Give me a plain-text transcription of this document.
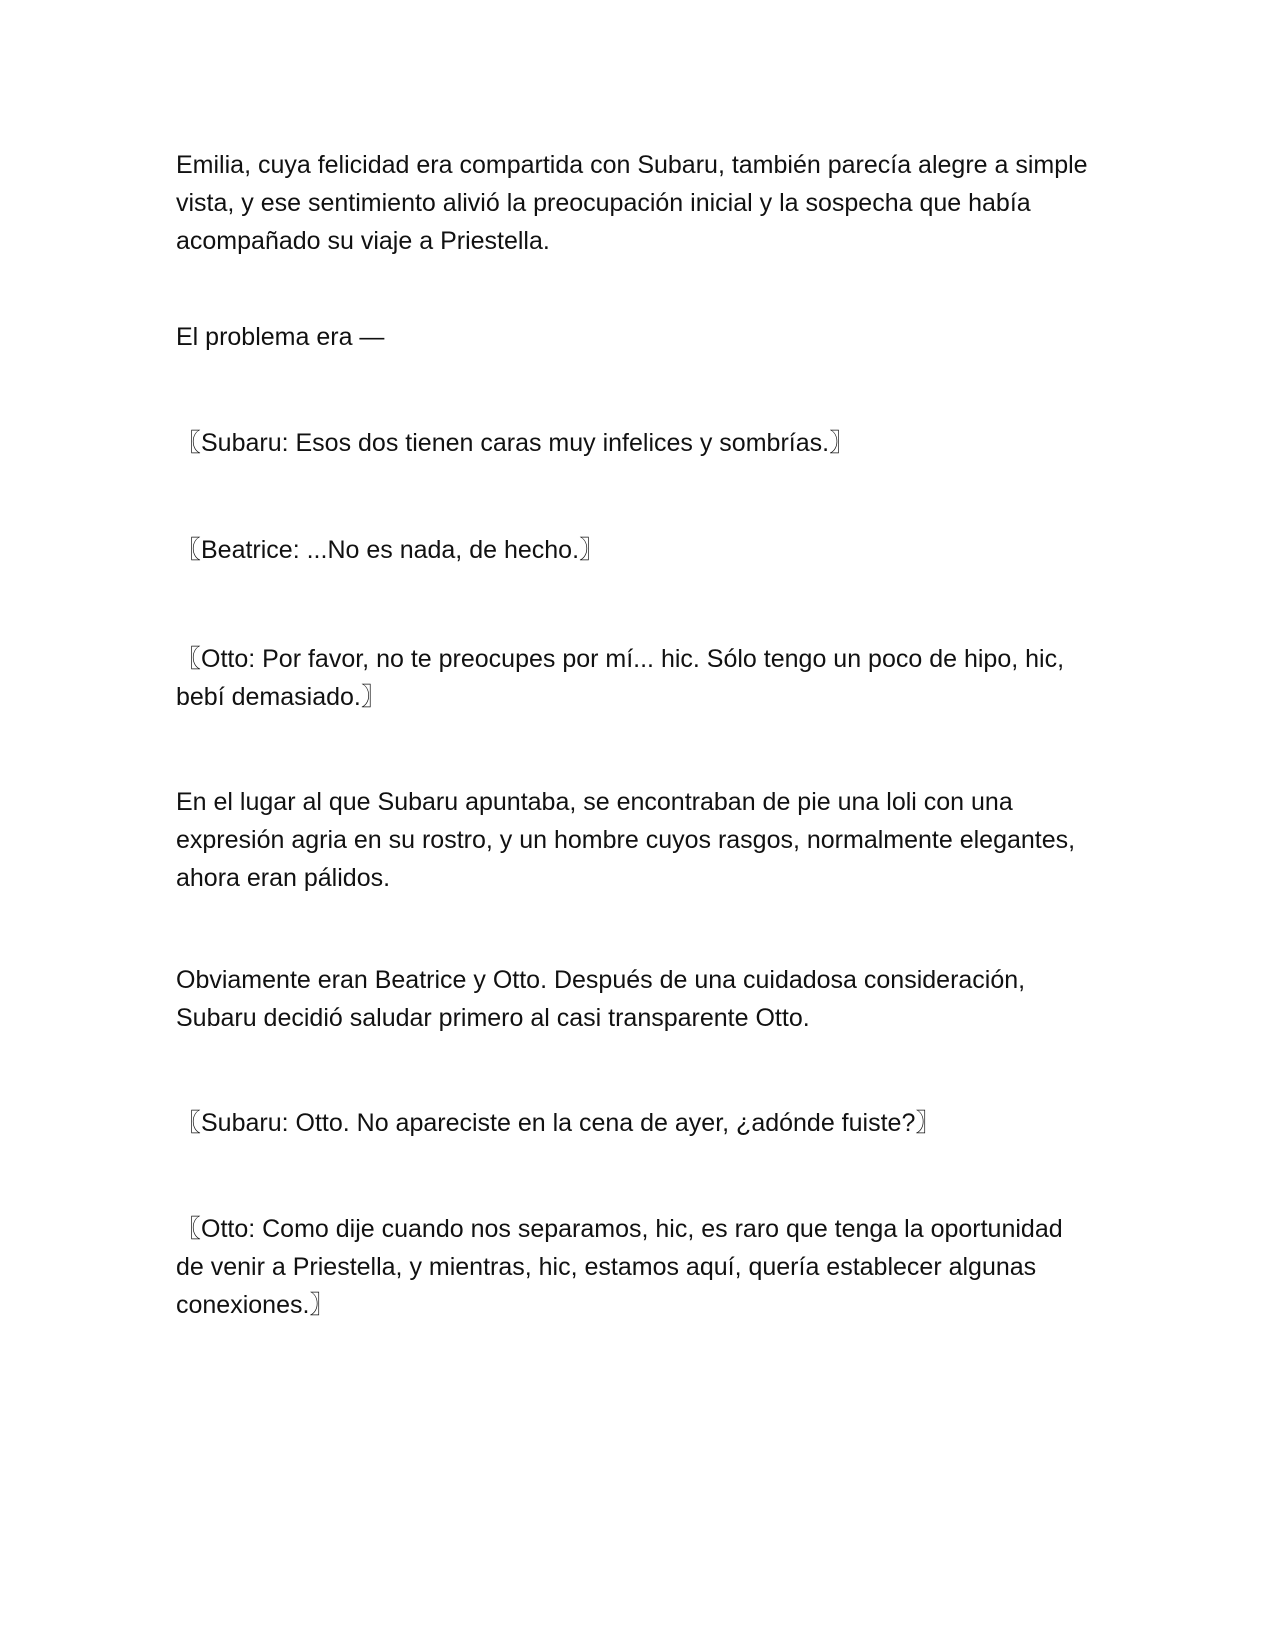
Emilia, cuya felicidad era compartida con Subaru, también parecía alegre a simple vista, y ese sentimiento alivió la preocupación inicial y la sospecha que había acompañado su viaje a Priestella.

El problema era —

〖Subaru: Esos dos tienen caras muy infelices y sombrías.〗

〖Beatrice: ...No es nada, de hecho.〗

〖Otto: Por favor, no te preocupes por mí... hic. Sólo tengo un poco de hipo, hic, bebí demasiado.〗

En el lugar al que Subaru apuntaba, se encontraban de pie una loli con una expresión agria en su rostro, y un hombre cuyos rasgos, normalmente elegantes, ahora eran pálidos.

Obviamente eran Beatrice y Otto. Después de una cuidadosa consideración, Subaru decidió saludar primero al casi transparente Otto.

〖Subaru: Otto. No apareciste en la cena de ayer, ¿adónde fuiste?〗

〖Otto: Como dije cuando nos separamos, hic, es raro que tenga la oportunidad de venir a Priestella, y mientras, hic, estamos aquí, quería establecer algunas conexiones.〗
